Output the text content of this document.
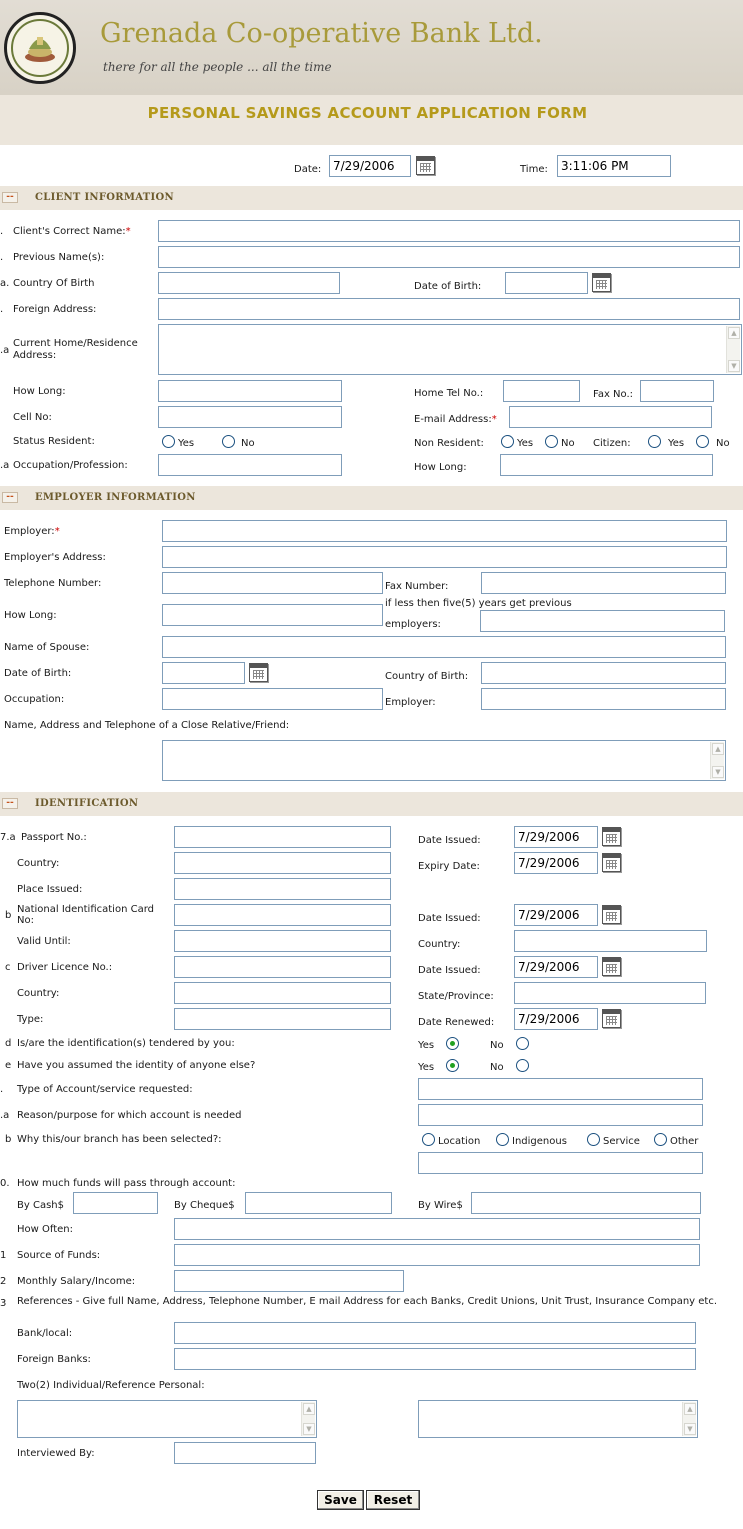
Grenada Co-operative Bank Ltd.
there for all the people ... all the time
PERSONAL SAVINGS ACCOUNT APPLICATION FORM
Date:
7/29/2006	Time:
3:11:06 PM
--	CLIENT INFORMATION
. Client's Correct Name:*
. Previous Name(s):
a. Country Of Birth	Date of Birth:
. Foreign Address:
.a
Current Home/Residence Address:
▲
▼
How Long:	Home Tel No.:	Fax No.:
Cell No:	E-mail Address:*
Status Resident:	Yes	No	Non Resident:	Yes	No Citizen:	Yes	No
.a Occupation/Profession:	How Long:
--	EMPLOYER INFORMATION
Employer:*
Employer's Address:
Telephone Number:	Fax Number:
How Long:
if less then five(5) years get previous
employers:
Name of Spouse:
Date of Birth:	Country of Birth:
Occupation:	Employer:
Name, Address and Telephone of a Close Relative/Friend:
▲
▼
--	IDENTIFICATION
7.a Passport No.:	Date Issued:
7/29/2006
Country:	Expiry Date:
7/29/2006
Place Issued:
b
National Identification Card No:	Date Issued:
7/29/2006
Valid Until:	Country:
c Driver Licence No.:	Date Issued:
7/29/2006
Country:	State/Province:
Type:	Date Renewed:
7/29/2006
d Is/are the identification(s) tendered by you:	Yes	No
e Have you assumed the identity of anyone else?	Yes	No
. Type of Account/service requested:
.a Reason/purpose for which account is needed
b Why this/our branch has been selected?:	Location	Indigenous	Service	Other
0. How much funds will pass through account:
By Cash$	By Cheque$	By Wire$
How Often:
1 Source of Funds:
2 Monthly Salary/Income:
3 References - Give full Name, Address, Telephone Number, E mail Address for each Banks, Credit Unions, Unit Trust, Insurance Company etc.
Bank/local:
Foreign Banks:
Two(2) Individual/Reference Personal:
▲
▼
▲
▼
Interviewed By:
Save	Reset
